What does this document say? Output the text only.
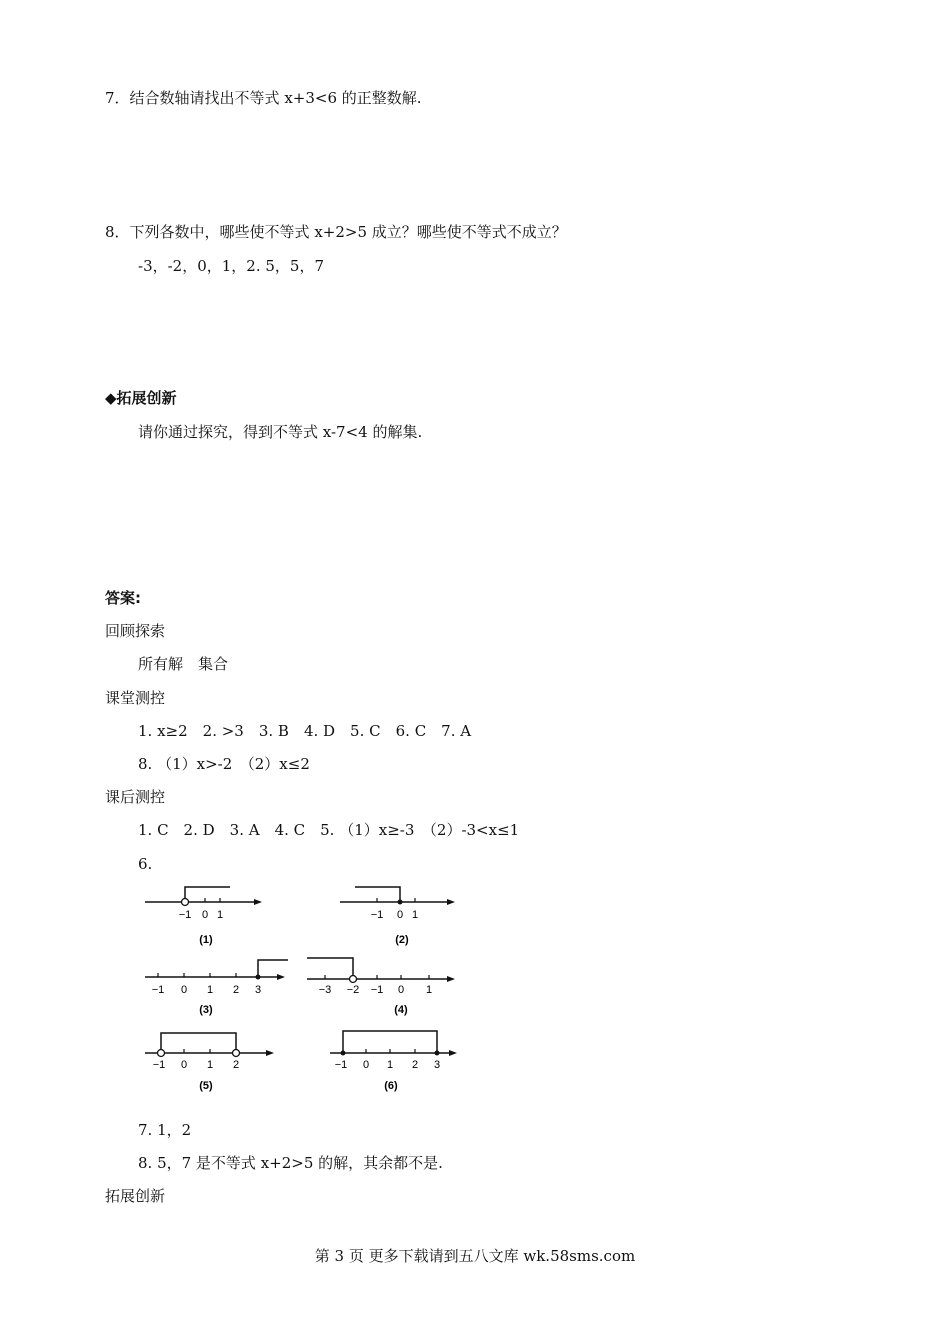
7．结合数轴请找出不等式 x+3<6 的正整数解.
8．下列各数中，哪些使不等式 x+2>5 成立？哪些使不等式不成立？
-3，-2，0，1，2. 5，5，7
◆拓展创新
请你通过探究，得到不等式 x-7<4 的解集.
答案:
回顾探索
所有解　集合
课堂测控
1. x≥2　2. >3　3. B　4. D　5. C　6. C　7. A
8. （1）x>-2　（2）x≤2
课后测控
1. C　2. D　3. A　4. C　5. （1）x≥-3　（2）-3<x≤1
6.
−1 0 1
(1)
−1 0 1
(2)
−1 0 1 2 3
(3)
−3 −2 −1 0 1
(4)
−1 0 1 2
(5)
−1 0 1 2 3
(6)
7. 1，2
8. 5，7 是不等式 x+2>5 的解，其余都不是.
拓展创新
第 3 页 更多下载请到五八文库 wk.58sms.com
